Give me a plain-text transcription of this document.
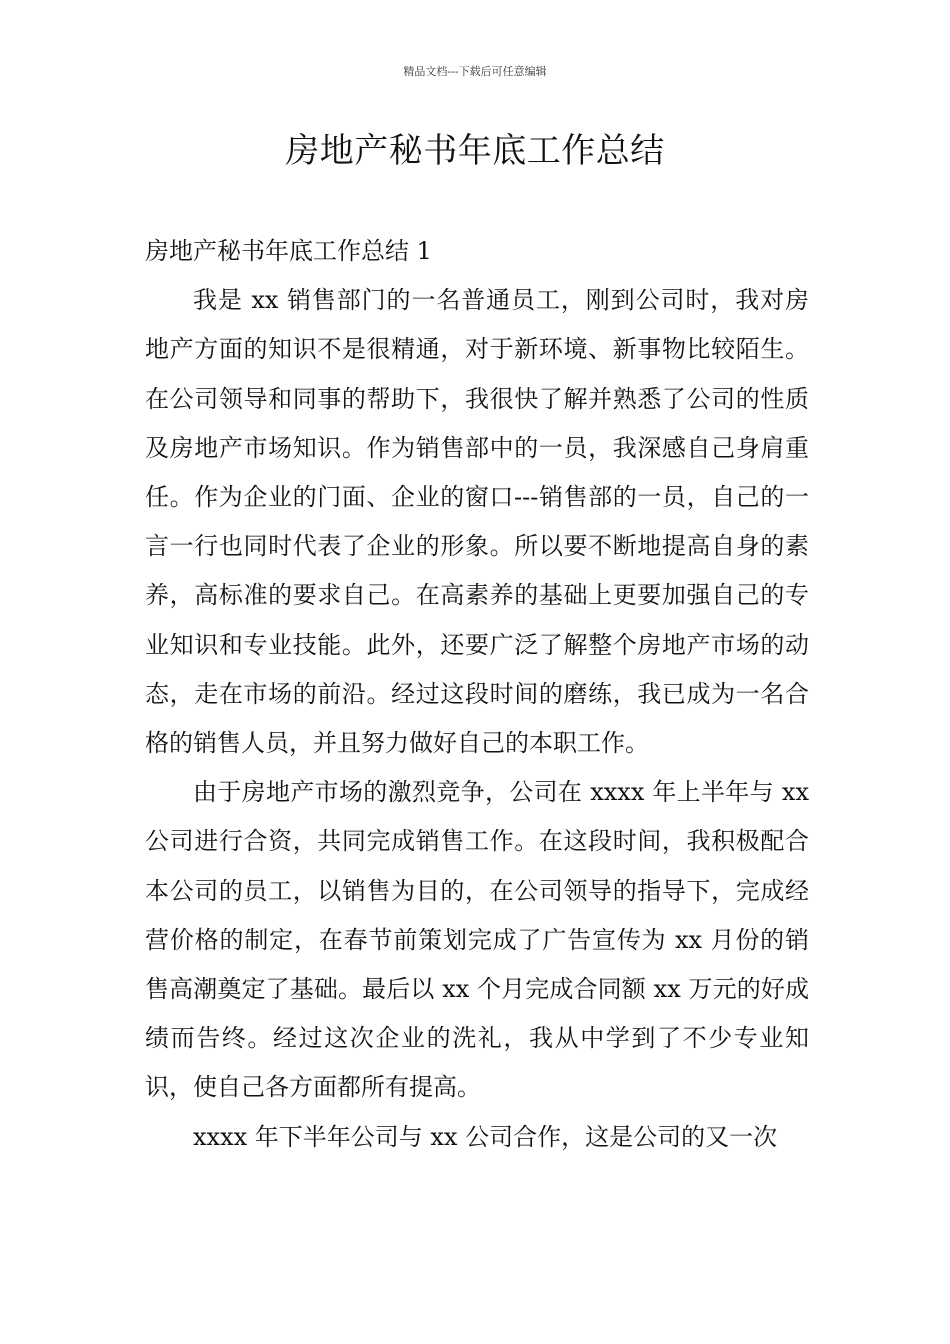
精品文档---下载后可任意编辑
房地产秘书年底工作总结
房地产秘书年底工作总结 1

我是 xx 销售部门的一名普通员工，刚到公司时，我对房地产方面的知识不是很精通，对于新环境、新事物比较陌生。在公司领导和同事的帮助下，我很快了解并熟悉了公司的性质及房地产市场知识。作为销售部中的一员，我深感自己身肩重任。作为企业的门面、企业的窗口---销售部的一员，自己的一言一行也同时代表了企业的形象。所以要不断地提高自身的素养，高标准的要求自己。在高素养的基础上更要加强自己的专业知识和专业技能。此外，还要广泛了解整个房地产市场的动态，走在市场的前沿。经过这段时间的磨练，我已成为一名合格的销售人员，并且努力做好自己的本职工作。

由于房地产市场的激烈竞争，公司在 xxxx 年上半年与 xx 公司进行合资，共同完成销售工作。在这段时间，我积极配合本公司的员工，以销售为目的，在公司领导的指导下，完成经营价格的制定，在春节前策划完成了广告宣传为 xx 月份的销售高潮奠定了基础。最后以 xx 个月完成合同额 xx 万元的好成绩而告终。经过这次企业的洗礼，我从中学到了不少专业知识，使自己各方面都所有提高。

xxxx 年下半年公司与 xx 公司合作，这是公司的又一次
